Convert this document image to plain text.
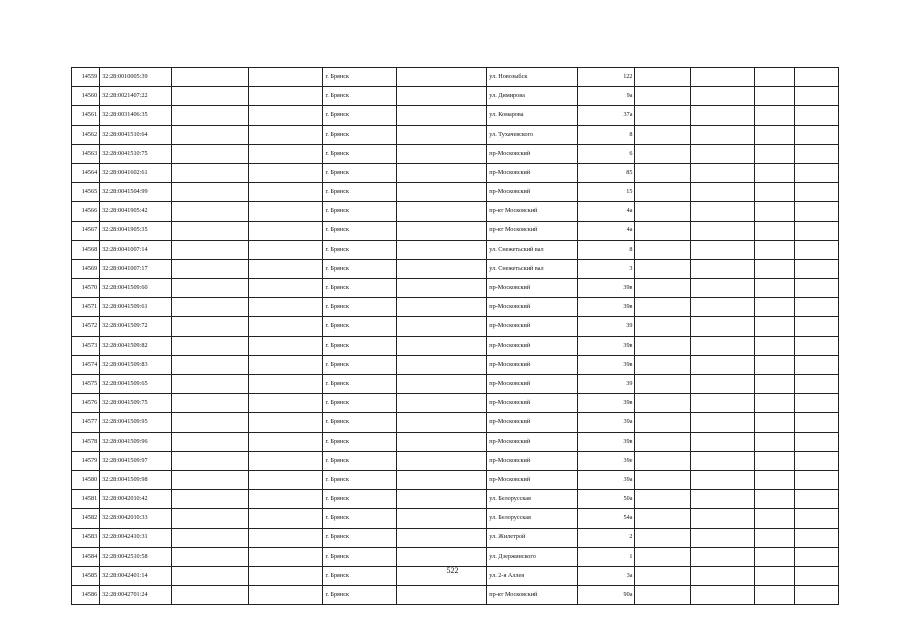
14559	32:28:0010005:39			г. Брянск		ул. Новозыбск	122				
14560	32:28:0021407:22			г. Брянск		ул. Димирова	9а				
14561	32:28:0031406:35			г. Брянск		ул. Комарова	37а				
14562	32:28:0041510:64			г. Брянск		ул. Тухачевского	8				
14563	32:28:0041510:75			г. Брянск		пр-Московский	6				
14564	32:28:0041602:61			г. Брянск		пр-Московский	85				
14565	32:28:0041504:99			г. Брянск		пр-Московский	15				
14566	32:28:0041905:42			г. Брянск		пр-кт Московский	4а				
14567	32:28:0041905:35			г. Брянск		пр-кт Московский	4а				
14568	32:28:0041007:14			г. Брянск		ул. Снежетьский вал	8				
14569	32:28:0041007:17			г. Брянск		ул. Снежетьский вал	3				
14570	32:28:0041509:60			г. Брянск		пр-Московский	39в				
14571	32:28:0041509:61			г. Брянск		пр-Московский	39в				
14572	32:28:0041509:72			г. Брянск		пр-Московский	39				
14573	32:28:0041509:82			г. Брянск		пр-Московский	39в				
14574	32:28:0041509:83			г. Брянск		пр-Московский	39в				
14575	32:28:0041509:65			г. Брянск		пр-Московский	39				
14576	32:28:0041509:75			г. Брянск		пр-Московский	39в				
14577	32:28:0041509:95			г. Брянск		пр-Московский	39а				
14578	32:28:0041509:96			г. Брянск		пр-Московский	39в				
14579	32:28:0041509:97			г. Брянск		пр-Московский	39е				
14580	32:28:0041509:98			г. Брянск		пр-Московский	39а				
14581	32:28:0042010:42			г. Брянск		ул. Белорусская	50а				
14582	32:28:0042010:33			г. Брянск		ул. Белорусская	54а				
14583	32:28:0042410:31			г. Брянск		ул. Жилетрой	2				
14584	32:28:0042510:58			г. Брянск		ул. Дзержинского	1				
14585	32:28:0042401:14			г. Брянск		ул. 2-я Аллея	3а				
14586	32:28:0042701:24			г. Брянск		пр-кт Московский	90а				
522
